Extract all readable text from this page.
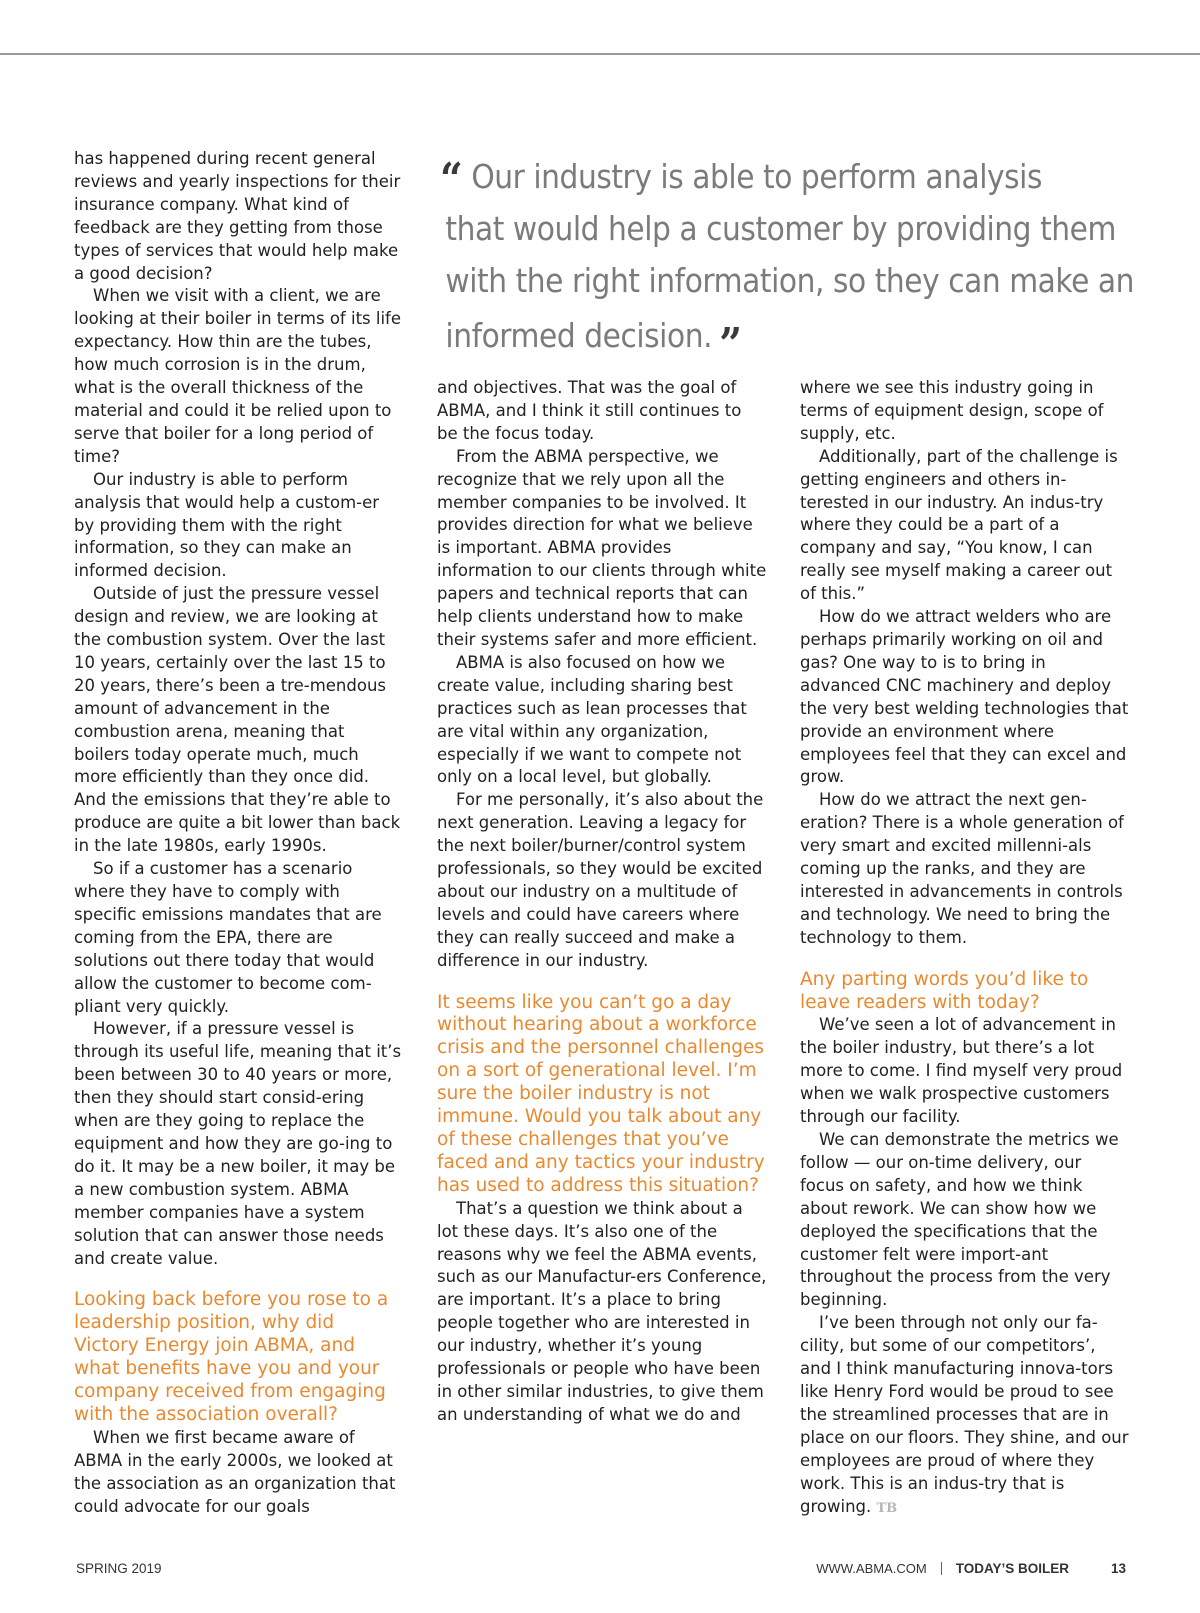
“ Our industry is able to perform analysis
that would help a customer by providing them
with the right information, so they can make an
informed decision. ”

has happened during recent general reviews and yearly inspections for their insurance company. What kind of feedback are they getting from those types of services that would help make a good decision?

When we visit with a client, we are looking at their boiler in terms of its life expectancy. How thin are the tubes, how much corrosion is in the drum, what is the overall thickness of the material and could it be relied upon to serve that boiler for a long period of time?

Our industry is able to perform analysis that would help a custom-er by providing them with the right information, so they can make an informed decision.

Outside of just the pressure vessel design and review, we are looking at the combustion system. Over the last 10 years, certainly over the last 15 to 20 years, there’s been a tre-mendous amount of advancement in the combustion arena, meaning that boilers today operate much, much more efficiently than they once did. And the emissions that they’re able to produce are quite a bit lower than back in the late 1980s, early 1990s.

So if a customer has a scenario where they have to comply with specific emissions mandates that are coming from the EPA, there are solutions out there today that would allow the customer to become com-pliant very quickly.

However, if a pressure vessel is through its useful life, meaning that it’s been between 30 to 40 years or more, then they should start consid-ering when are they going to replace the equipment and how they are go-ing to do it. It may be a new boiler, it may be a new combustion system. ABMA member companies have a system solution that can answer those needs and create value.

Looking back before you rose to a leadership position, why did Victory Energy join ABMA, and what benefits have you and your company received from engaging with the association overall?

When we first became aware of ABMA in the early 2000s, we looked at the association as an organization that could advocate for our goals

and objectives. That was the goal of ABMA, and I think it still continues to be the focus today.

From the ABMA perspective, we recognize that we rely upon all the member companies to be involved. It provides direction for what we believe is important. ABMA provides information to our clients through white papers and technical reports that can help clients understand how to make their systems safer and more efficient.

ABMA is also focused on how we create value, including sharing best practices such as lean processes that are vital within any organization, especially if we want to compete not only on a local level, but globally.

For me personally, it’s also about the next generation. Leaving a legacy for the next boiler/burner/control system professionals, so they would be excited about our industry on a multitude of levels and could have careers where they can really succeed and make a difference in our industry.

It seems like you can’t go a day without hearing about a workforce crisis and the personnel challenges on a sort of generational level. I’m sure the boiler industry is not immune. Would you talk about any of these challenges that you’ve faced and any tactics your industry has used to address this situation?

That’s a question we think about a lot these days. It’s also one of the reasons why we feel the ABMA events, such as our Manufactur-ers Conference, are important. It’s a place to bring people together who are interested in our industry, whether it’s young professionals or people who have been in other similar industries, to give them an understanding of what we do and

where we see this industry going in terms of equipment design, scope of supply, etc.

Additionally, part of the challenge is getting engineers and others in-terested in our industry. An indus-try where they could be a part of a company and say, “You know, I can really see myself making a career out of this.”

How do we attract welders who are perhaps primarily working on oil and gas? One way to is to bring in advanced CNC machinery and deploy the very best welding technologies that provide an environment where employees feel that they can excel and grow.

How do we attract the next gen-eration? There is a whole generation of very smart and excited millenni-als coming up the ranks, and they are interested in advancements in controls and technology. We need to bring the technology to them.

Any parting words you’d like to leave readers with today?

We’ve seen a lot of advancement in the boiler industry, but there’s a lot more to come. I find myself very proud when we walk prospective customers through our facility.

We can demonstrate the metrics we follow — our on-time delivery, our focus on safety, and how we think about rework. We can show how we deployed the specifications that the customer felt were import-ant throughout the process from the very beginning.

I’ve been through not only our fa-cility, but some of our competitors’, and I think manufacturing innova-tors like Henry Ford would be proud to see the streamlined processes that are in place on our floors. They shine, and our employees are proud of where they work. This is an indus-try that is growing. TB

SPRING 2019	WWW.ABMA.COM TODAY’S BOILER	13
